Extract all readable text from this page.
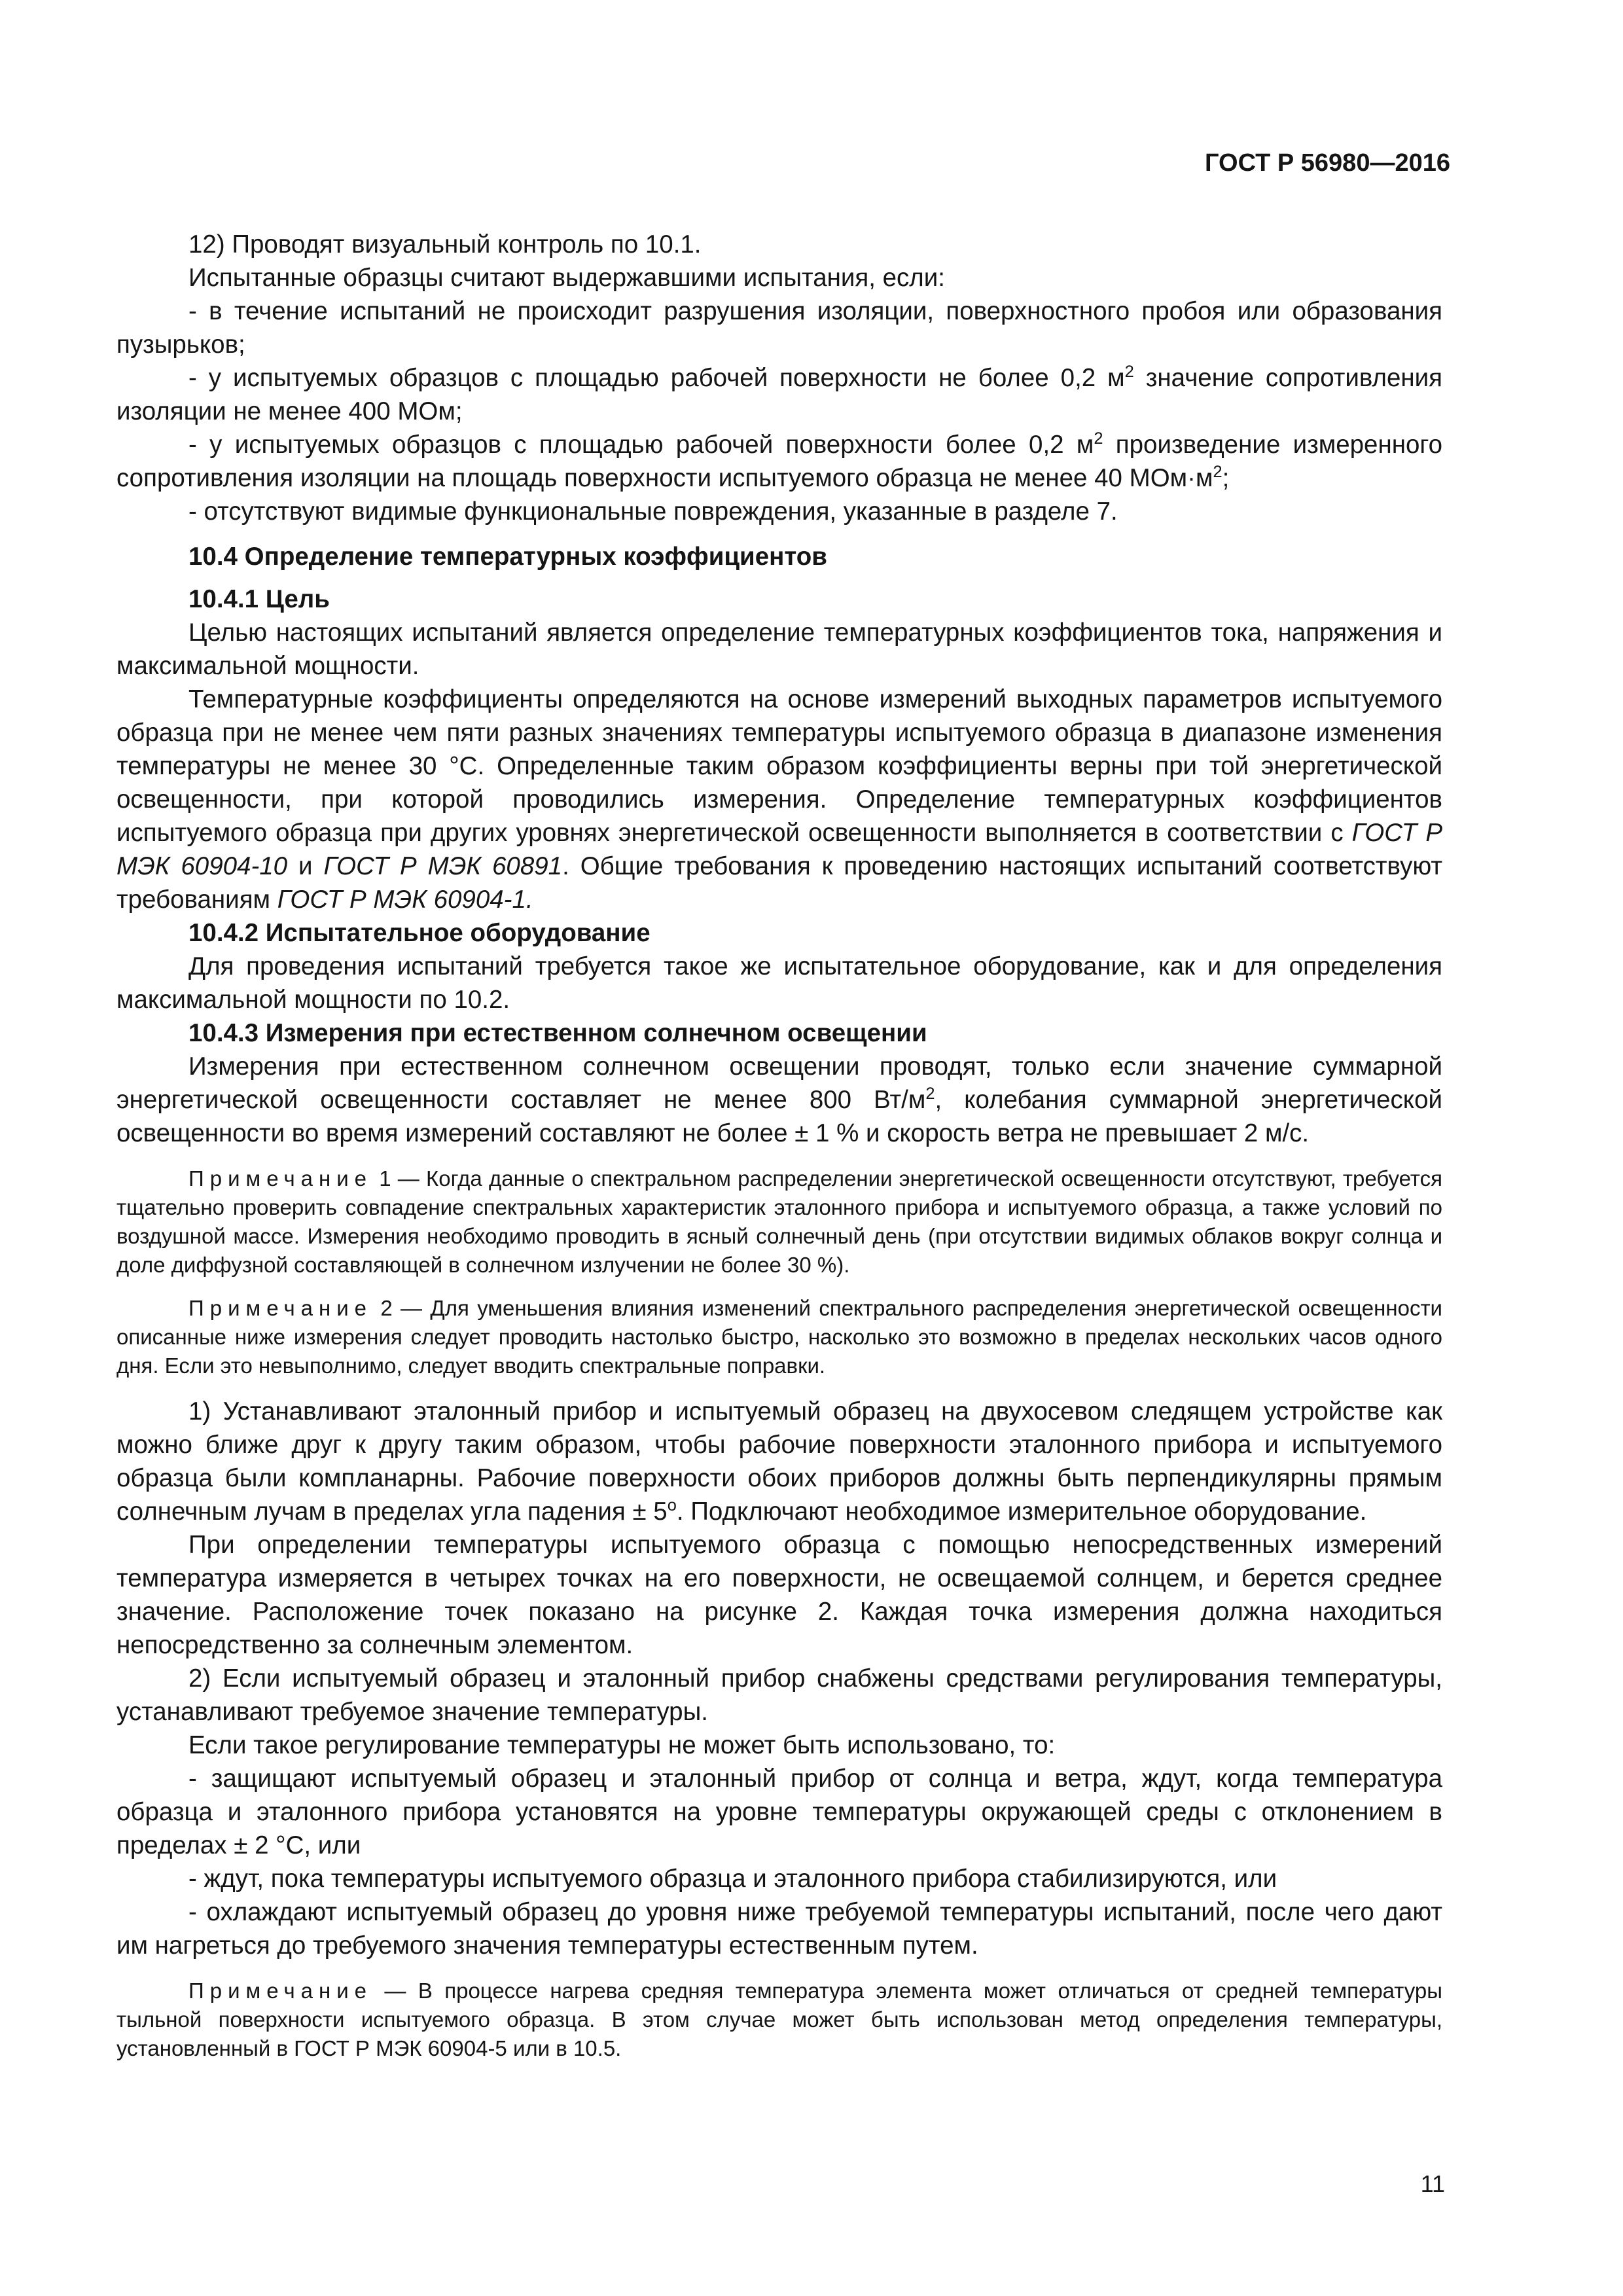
ГОСТ Р 56980—2016

12) Проводят визуальный контроль по 10.1.

Испытанные образцы считают выдержавшими испытания, если:

- в течение испытаний не происходит разрушения изоляции, поверхностного пробоя или образования пузырьков;

- у испытуемых образцов с площадью рабочей поверхности не более 0,2 $м^2$ значение сопротивления изоляции не менее 400 МОм;

- у испытуемых образцов с площадью рабочей поверхности более 0,2 $м^2$ произведение измеренного сопротивления изоляции на площадь поверхности испытуемого образца не менее 40 $МОм\cdot м^2$;

- отсутствуют видимые функциональные повреждения, указанные в разделе 7.

10.4 Определение температурных коэффициентов

10.4.1 Цель

Целью настоящих испытаний является определение температурных коэффициентов тока, напряжения и максимальной мощности.

Температурные коэффициенты определяются на основе измерений выходных параметров испытуемого образца при не менее чем пяти разных значениях температуры испытуемого образца в диапазоне изменения температуры не менее 30 °С. Определенные таким образом коэффициенты верны при той энергетической освещенности, при которой проводились измерения. Определение температурных коэффициентов испытуемого образца при других уровнях энергетической освещенности выполняется в соответствии с ГОСТ Р МЭК 60904-10 и ГОСТ Р МЭК 60891. Общие требования к проведению настоящих испытаний соответствуют требованиям ГОСТ Р МЭК 60904-1.

10.4.2 Испытательное оборудование

Для проведения испытаний требуется такое же испытательное оборудование, как и для определения максимальной мощности по 10.2.

10.4.3 Измерения при естественном солнечном освещении

Измерения при естественном солнечном освещении проводят, только если значение суммарной энергетической освещенности составляет не менее 800 $Вт/м^2$, колебания суммарной энергетической освещенности во время измерений составляют не более ± 1 % и скорость ветра не превышает 2 м/с.

Примечание 1 — Когда данные о спектральном распределении энергетической освещенности отсутствуют, требуется тщательно проверить совпадение спектральных характеристик эталонного прибора и испытуемого образца, а также условий по воздушной массе. Измерения необходимо проводить в ясный солнечный день (при отсутствии видимых облаков вокруг солнца и доле диффузной составляющей в солнечном излучении не более 30 %).

Примечание 2 — Для уменьшения влияния изменений спектрального распределения энергетической освещенности описанные ниже измерения следует проводить настолько быстро, насколько это возможно в пределах нескольких часов одного дня. Если это невыполнимо, следует вводить спектральные поправки.

1) Устанавливают эталонный прибор и испытуемый образец на двухосевом следящем устройстве как можно ближе друг к другу таким образом, чтобы рабочие поверхности эталонного прибора и испытуемого образца были компланарны. Рабочие поверхности обоих приборов должны быть перпендикулярны прямым солнечным лучам в пределах угла падения ± $5^о$. Подключают необходимое измерительное оборудование.

При определении температуры испытуемого образца с помощью непосредственных измерений температура измеряется в четырех точках на его поверхности, не освещаемой солнцем, и берется среднее значение. Расположение точек показано на рисунке 2. Каждая точка измерения должна находиться непосредственно за солнечным элементом.

2) Если испытуемый образец и эталонный прибор снабжены средствами регулирования температуры, устанавливают требуемое значение температуры.

Если такое регулирование температуры не может быть использовано, то:

- защищают испытуемый образец и эталонный прибор от солнца и ветра, ждут, когда температура образца и эталонного прибора установятся на уровне температуры окружающей среды с отклонением в пределах ± 2 °С, или

- ждут, пока температуры испытуемого образца и эталонного прибора стабилизируются, или

- охлаждают испытуемый образец до уровня ниже требуемой температуры испытаний, после чего дают им нагреться до требуемого значения температуры естественным путем.

Примечание — В процессе нагрева средняя температура элемента может отличаться от средней температуры тыльной поверхности испытуемого образца. В этом случае может быть использован метод определения температуры, установленный в ГОСТ Р МЭК 60904-5 или в 10.5.

11
